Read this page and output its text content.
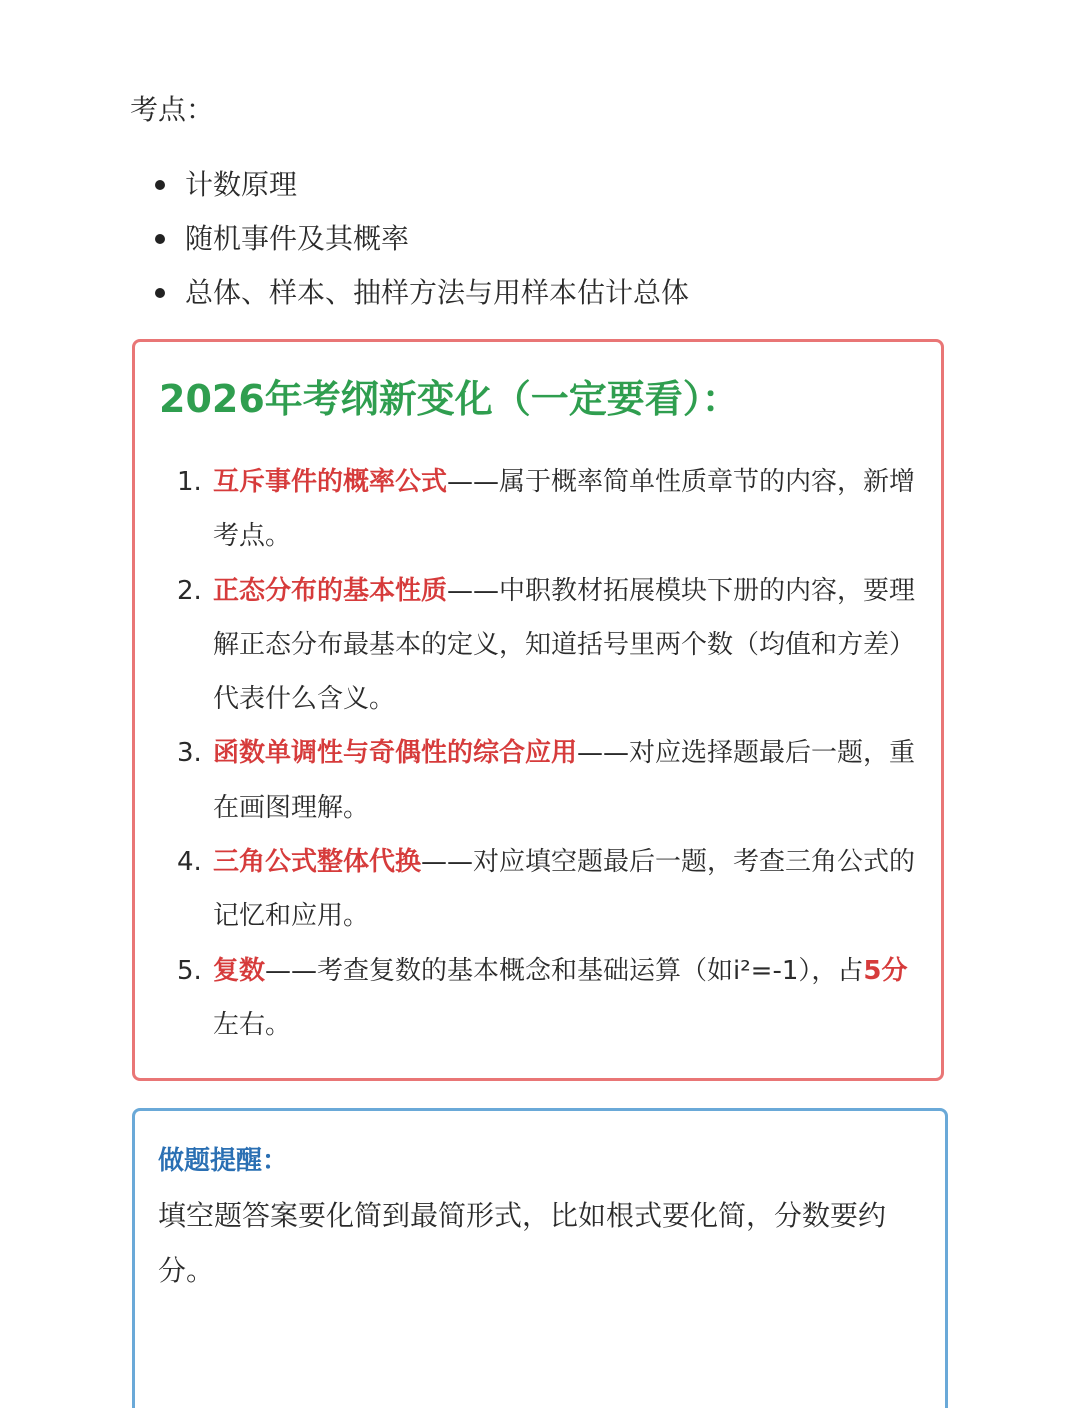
考点：
计数原理
随机事件及其概率
总体、样本、抽样方法与用样本估计总体
2026年考纲新变化（一定要看）：
1. 互斥事件的概率公式——属于概率简单性质章节的内容，新增考点。
2. 正态分布的基本性质——中职教材拓展模块下册的内容，要理解正态分布最基本的定义，知道括号里两个数（均值和方差）代表什么含义。
3. 函数单调性与奇偶性的综合应用——对应选择题最后一题，重在画图理解。
4. 三角公式整体代换——对应填空题最后一题，考查三角公式的记忆和应用。
5. 复数——考查复数的基本概念和基础运算（如i²=-1），占5分左右。
做题提醒：
填空题答案要化简到最简形式，比如根式要化简，分数要约分。
